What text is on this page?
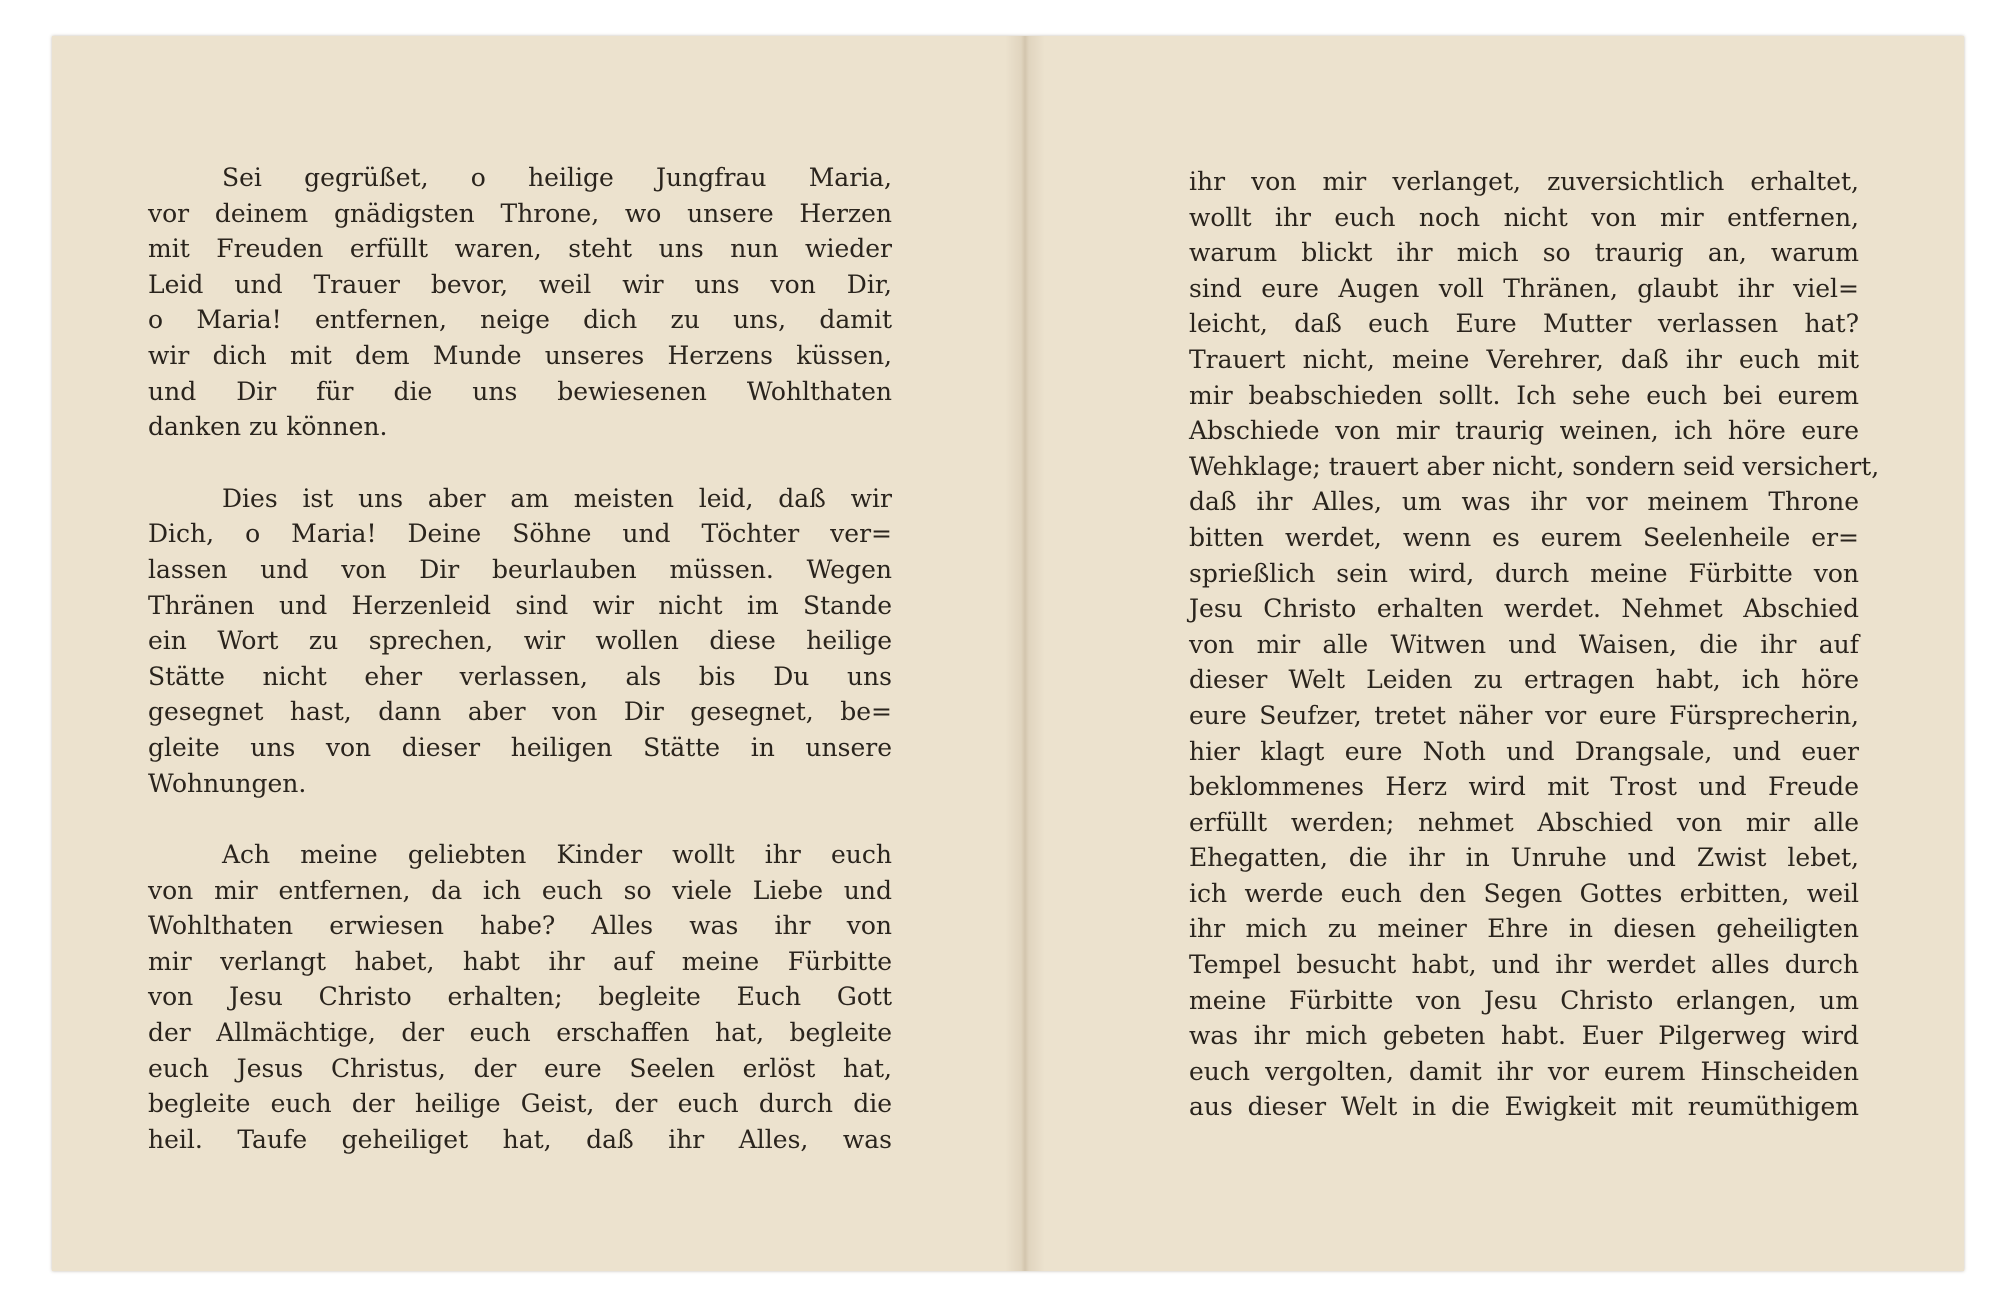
Sei gegrüßet, o heilige Jungfrau Maria,
vor deinem gnädigsten Throne, wo unsere Herzen
mit Freuden erfüllt waren, steht uns nun wieder
Leid und Trauer bevor, weil wir uns von Dir,
o Maria! entfernen, neige dich zu uns, damit
wir dich mit dem Munde unseres Herzens küssen,
und Dir für die uns bewiesenen Wohlthaten
danken zu können.
Dies ist uns aber am meisten leid, daß wir
Dich, o Maria! Deine Söhne und Töchter ver=
lassen und von Dir beurlauben müssen. Wegen
Thränen und Herzenleid sind wir nicht im Stande
ein Wort zu sprechen, wir wollen diese heilige
Stätte nicht eher verlassen, als bis Du uns
gesegnet hast, dann aber von Dir gesegnet, be=
gleite uns von dieser heiligen Stätte in unsere
Wohnungen.
Ach meine geliebten Kinder wollt ihr euch
von mir entfernen, da ich euch so viele Liebe und
Wohlthaten erwiesen habe? Alles was ihr von
mir verlangt habet, habt ihr auf meine Fürbitte
von Jesu Christo erhalten; begleite Euch Gott
der Allmächtige, der euch erschaffen hat, begleite
euch Jesus Christus, der eure Seelen erlöst hat,
begleite euch der heilige Geist, der euch durch die
heil. Taufe geheiliget hat, daß ihr Alles, was
ihr von mir verlanget, zuversichtlich erhaltet,
wollt ihr euch noch nicht von mir entfernen,
warum blickt ihr mich so traurig an, warum
sind eure Augen voll Thränen, glaubt ihr viel=
leicht, daß euch Eure Mutter verlassen hat?
Trauert nicht, meine Verehrer, daß ihr euch mit
mir beabschieden sollt. Ich sehe euch bei eurem
Abschiede von mir traurig weinen, ich höre eure
Wehklage; trauert aber nicht, sondern seid versichert,
daß ihr Alles, um was ihr vor meinem Throne
bitten werdet, wenn es eurem Seelenheile er=
sprießlich sein wird, durch meine Fürbitte von
Jesu Christo erhalten werdet. Nehmet Abschied
von mir alle Witwen und Waisen, die ihr auf
dieser Welt Leiden zu ertragen habt, ich höre
eure Seufzer, tretet näher vor eure Fürsprecherin,
hier klagt eure Noth und Drangsale, und euer
beklommenes Herz wird mit Trost und Freude
erfüllt werden; nehmet Abschied von mir alle
Ehegatten, die ihr in Unruhe und Zwist lebet,
ich werde euch den Segen Gottes erbitten, weil
ihr mich zu meiner Ehre in diesen geheiligten
Tempel besucht habt, und ihr werdet alles durch
meine Fürbitte von Jesu Christo erlangen, um
was ihr mich gebeten habt. Euer Pilgerweg wird
euch vergolten, damit ihr vor eurem Hinscheiden
aus dieser Welt in die Ewigkeit mit reumüthigem
